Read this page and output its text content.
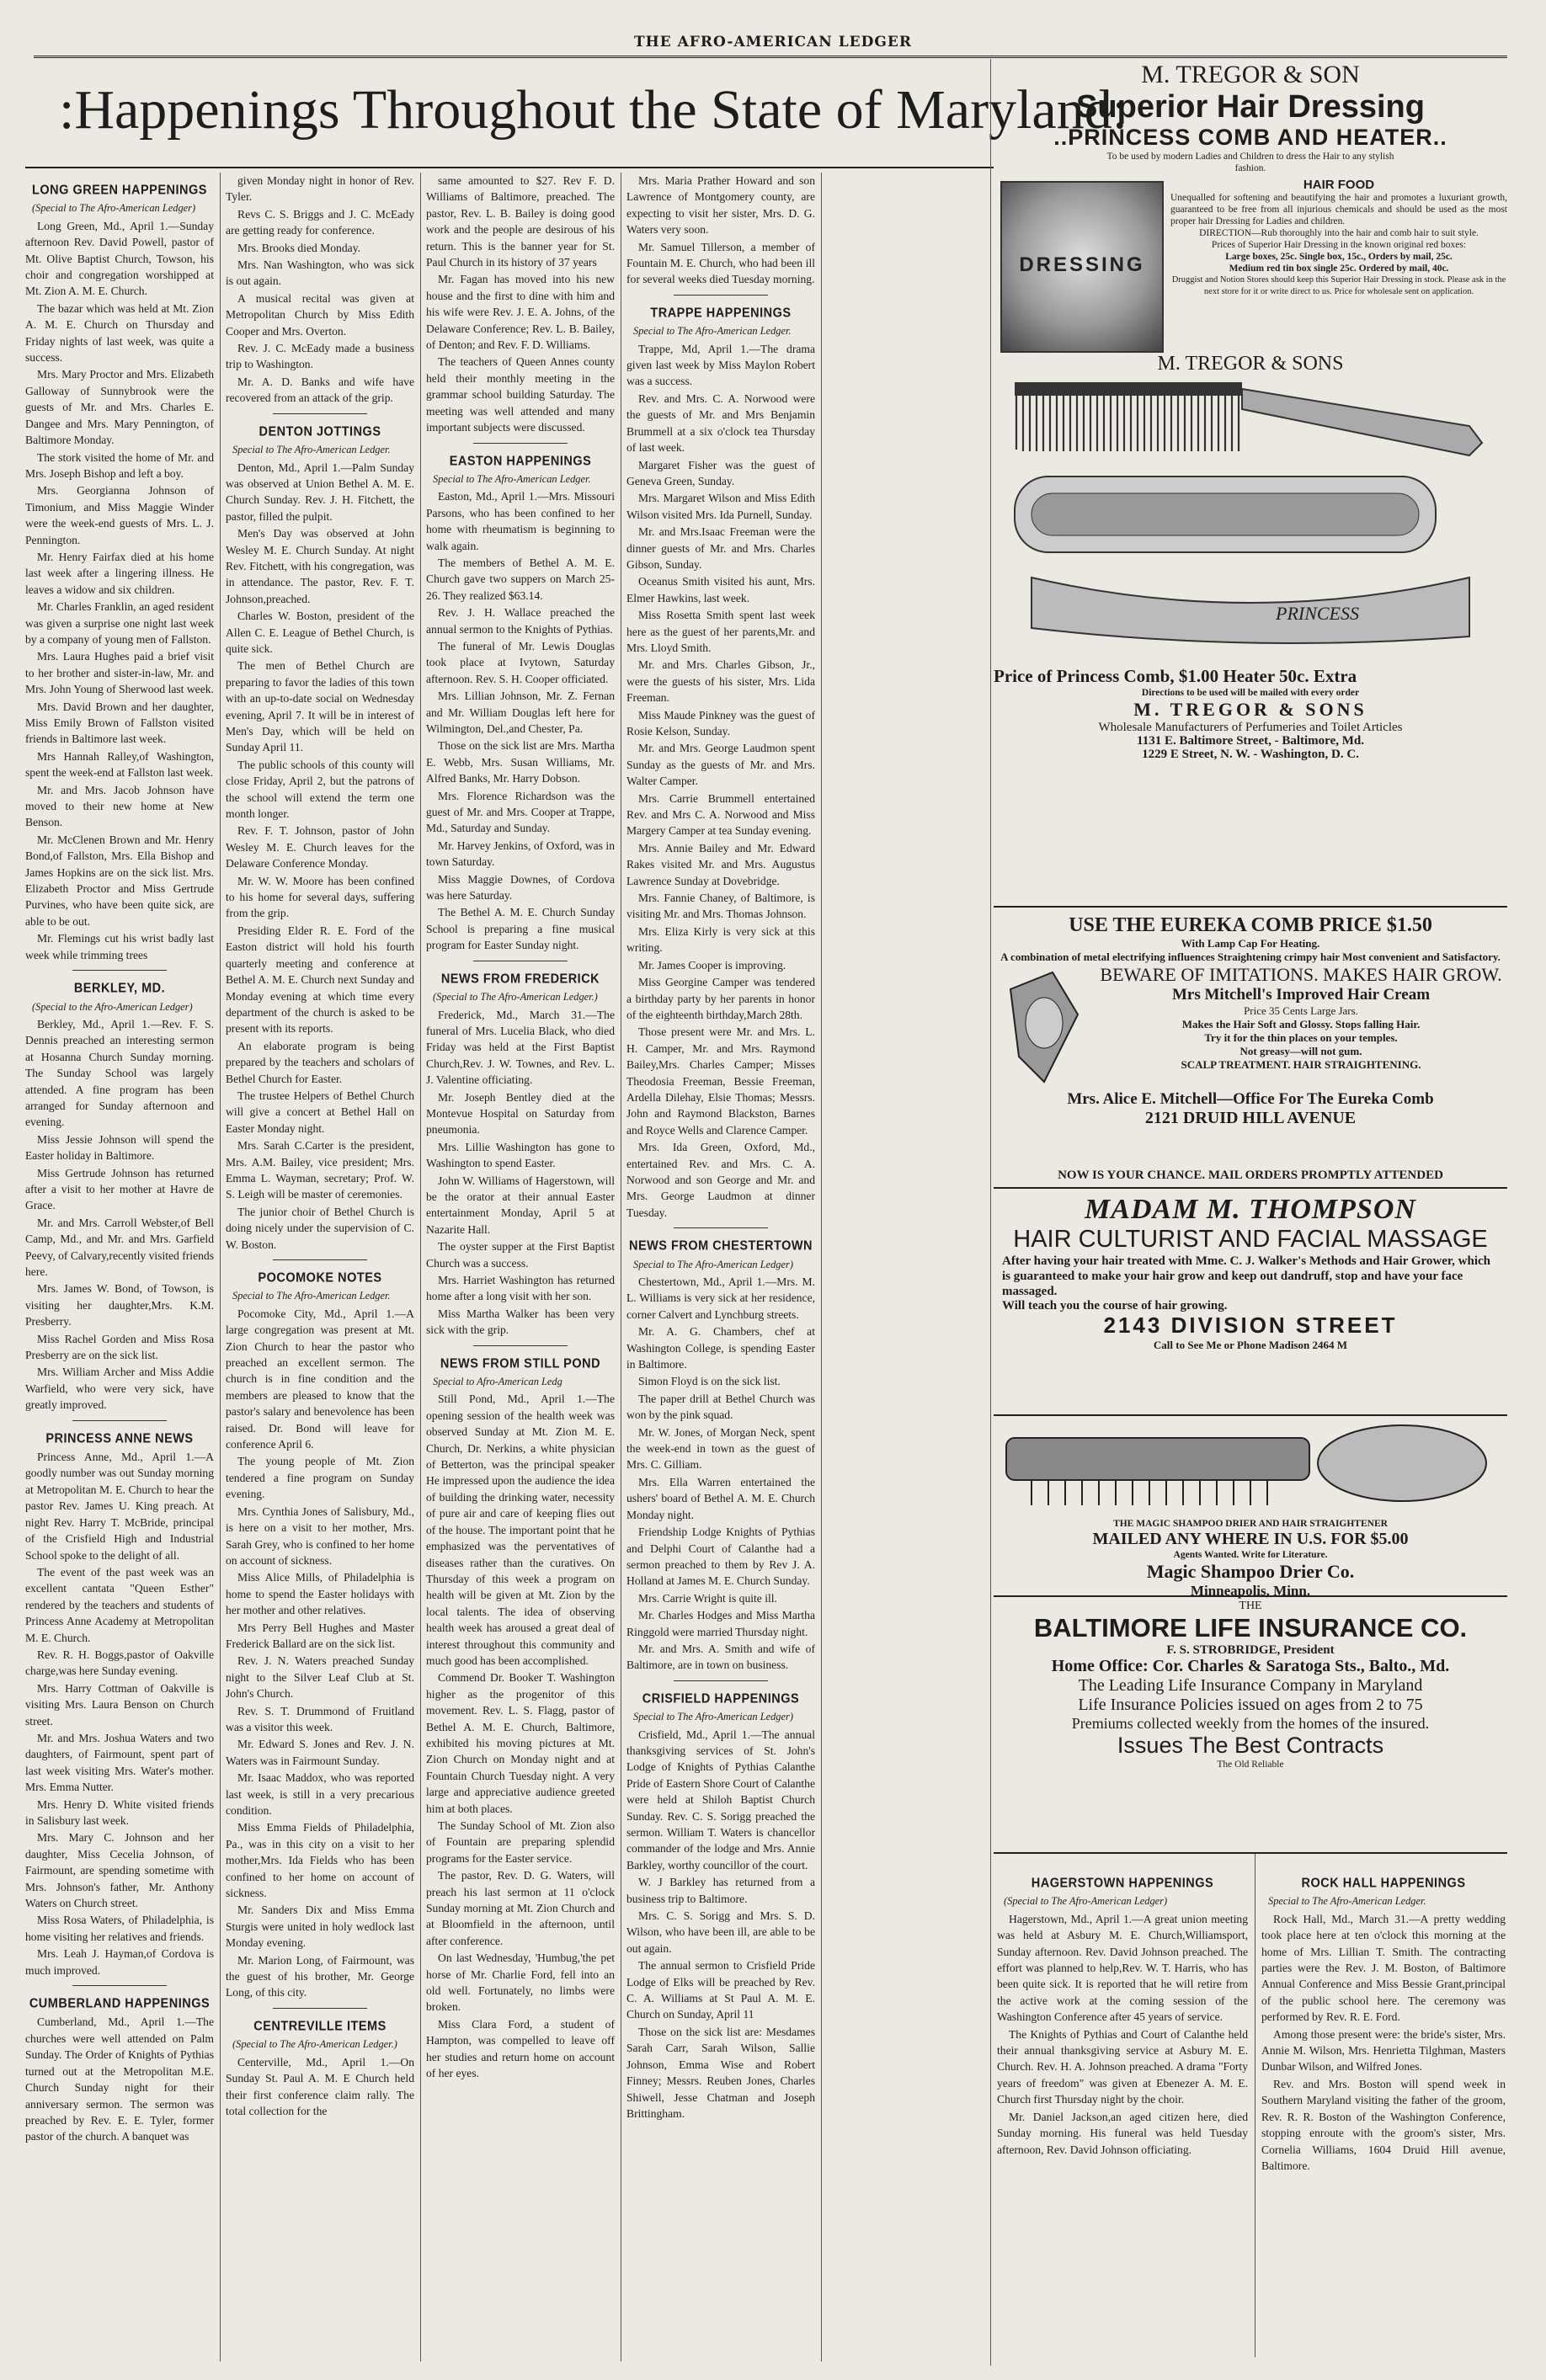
THE AFRO-AMERICAN LEDGER
:Happenings Throughout the State of Maryland:
LONG GREEN HAPPENINGS

(Special to The Afro-American Ledger)

Long Green, Md., April 1.—Sunday afternoon Rev. David Powell, pastor of Mt. Olive Baptist Church, Towson, his choir and congregation worshipped at Mt. Zion A. M. E. Church.

The bazar which was held at Mt. Zion A. M. E. Church on Thursday and Friday nights of last week, was quite a success.

Mrs. Mary Proctor and Mrs. Elizabeth Galloway of Sunnybrook were the guests of Mr. and Mrs. Charles E. Dangee and Mrs. Mary Pennington, of Baltimore Monday.

The stork visited the home of Mr. and Mrs. Joseph Bishop and left a boy.

Mrs. Georgianna Johnson of Timonium, and Miss Maggie Winder were the week-end guests of Mrs. L. J. Pennington.

Mr. Henry Fairfax died at his home last week after a lingering illness. He leaves a widow and six children.

Mr. Charles Franklin, an aged resident was given a surprise one night last week by a company of young men of Fallston.

Mrs. Laura Hughes paid a brief visit to her brother and sister-in-law, Mr. and Mrs. John Young of Sherwood last week.

Mrs. David Brown and her daughter, Miss Emily Brown of Fallston visited friends in Baltimore last week.

Mrs Hannah Ralley,of Washington, spent the week-end at Fallston last week.

Mr. and Mrs. Jacob Johnson have moved to their new home at New Benson.

Mr. McClenen Brown and Mr. Henry Bond,of Fallston, Mrs. Ella Bishop and James Hopkins are on the sick list. Mrs. Elizabeth Proctor and Miss Gertrude Purvines, who have been quite sick, are able to be out.

Mr. Flemings cut his wrist badly last week while trimming trees

BERKLEY, MD.

(Special to the Afro-American Ledger)

Berkley, Md., April 1.—Rev. F. S. Dennis preached an interesting sermon at Hosanna Church Sunday morning. The Sunday School was largely attended. A fine program has been arranged for Sunday afternoon and evening.

Miss Jessie Johnson will spend the Easter holiday in Baltimore.

Miss Gertrude Johnson has returned after a visit to her mother at Havre de Grace.

Mr. and Mrs. Carroll Webster,of Bell Camp, Md., and Mr. and Mrs. Garfield Peevy, of Calvary,recently visited friends here.

Mrs. James W. Bond, of Towson, is visiting her daughter,Mrs. K.M. Presberry.

Miss Rachel Gorden and Miss Rosa Presberry are on the sick list.

Mrs. William Archer and Miss Addie Warfield, who were very sick, have greatly improved.

PRINCESS ANNE NEWS

Princess Anne, Md., April 1.—A goodly number was out Sunday morning at Metropolitan M. E. Church to hear the pastor Rev. James U. King preach. At night Rev. Harry T. McBride, principal of the Crisfield High and Industrial School spoke to the delight of all.

The event of the past week was an excellent cantata "Queen Esther" rendered by the teachers and students of Princess Anne Academy at Metropolitan M. E. Church.

Rev. R. H. Boggs,pastor of Oakville charge,was here Sunday evening.

Mrs. Harry Cottman of Oakville is visiting Mrs. Laura Benson on Church street.

Mr. and Mrs. Joshua Waters and two daughters, of Fairmount, spent part of last week visiting Mrs. Water's mother. Mrs. Emma Nutter.

Mrs. Henry D. White visited friends in Salisbury last week.

Mrs. Mary C. Johnson and her daughter, Miss Cecelia Johnson, of Fairmount, are spending sometime with Mrs. Johnson's father, Mr. Anthony Waters on Church street.

Miss Rosa Waters, of Philadelphia, is home visiting her relatives and friends.

Mrs. Leah J. Hayman,of Cordova is much improved.

CUMBERLAND HAPPENINGS

Cumberland, Md., April 1.—The churches were well attended on Palm Sunday. The Order of Knights of Pythias turned out at the Metropolitan M.E. Church Sunday night for their anniversary sermon. The sermon was preached by Rev. E. E. Tyler, former pastor of the church. A banquet was

given Monday night in honor of Rev. Tyler.

Revs C. S. Briggs and J. C. McEady are getting ready for conference.

Mrs. Brooks died Monday.

Mrs. Nan Washington, who was sick is out again.

A musical recital was given at Metropolitan Church by Miss Edith Cooper and Mrs. Overton.

Rev. J. C. McEady made a business trip to Washington.

Mr. A. D. Banks and wife have recovered from an attack of the grip.

DENTON JOTTINGS

Special to The Afro-American Ledger.

Denton, Md., April 1.—Palm Sunday was observed at Union Bethel A. M. E. Church Sunday. Rev. J. H. Fitchett, the pastor, filled the pulpit.

Men's Day was observed at John Wesley M. E. Church Sunday. At night Rev. Fitchett, with his congregation, was in attendance. The pastor, Rev. F. T. Johnson,preached.

Charles W. Boston, president of the Allen C. E. League of Bethel Church, is quite sick.

The men of Bethel Church are preparing to favor the ladies of this town with an up-to-date social on Wednesday evening, April 7. It will be in interest of Men's Day, which will be held on Sunday April 11.

The public schools of this county will close Friday, April 2, but the patrons of the school will extend the term one month longer.

Rev. F. T. Johnson, pastor of John Wesley M. E. Church leaves for the Delaware Conference Monday.

Mr. W. W. Moore has been confined to his home for several days, suffering from the grip.

Presiding Elder R. E. Ford of the Easton district will hold his fourth quarterly meeting and conference at Bethel A. M. E. Church next Sunday and Monday evening at which time every department of the church is asked to be present with its reports.

An elaborate program is being prepared by the teachers and scholars of Bethel Church for Easter.

The trustee Helpers of Bethel Church will give a concert at Bethel Hall on Easter Monday night.

Mrs. Sarah C.Carter is the president, Mrs. A.M. Bailey, vice president; Mrs. Emma L. Wayman, secretary; Prof. W. S. Leigh will be master of ceremonies.

The junior choir of Bethel Church is doing nicely under the supervision of C. W. Boston.

POCOMOKE NOTES

Special to The Afro-American Ledger.

Pocomoke City, Md., April 1.—A large congregation was present at Mt. Zion Church to hear the pastor who preached an excellent sermon. The church is in fine condition and the members are pleased to know that the pastor's salary and benevolence has been raised. Dr. Bond will leave for conference April 6.

The young people of Mt. Zion tendered a fine program on Sunday evening.

Mrs. Cynthia Jones of Salisbury, Md., is here on a visit to her mother, Mrs. Sarah Grey, who is confined to her home on account of sickness.

Miss Alice Mills, of Philadelphia is home to spend the Easter holidays with her mother and other relatives.

Mrs Perry Bell Hughes and Master Frederick Ballard are on the sick list.

Rev. J. N. Waters preached Sunday night to the Silver Leaf Club at St. John's Church.

Rev. S. T. Drummond of Fruitland was a visitor this week.

Mr. Edward S. Jones and Rev. J. N. Waters was in Fairmount Sunday.

Mr. Isaac Maddox, who was reported last week, is still in a very precarious condition.

Miss Emma Fields of Philadelphia, Pa., was in this city on a visit to her mother,Mrs. Ida Fields who has been confined to her home on account of sickness.

Mr. Sanders Dix and Miss Emma Sturgis were united in holy wedlock last Monday evening.

Mr. Marion Long, of Fairmount, was the guest of his brother, Mr. George Long, of this city.

CENTREVILLE ITEMS

(Special to The Afro-American Ledger.)

Centerville, Md., April 1.—On Sunday St. Paul A. M. E Church held their first conference claim rally. The total collection for the

same amounted to $27. Rev F. D. Williams of Baltimore, preached. The pastor, Rev. L. B. Bailey is doing good work and the people are desirous of his return. This is the banner year for St. Paul Church in its history of 37 years

Mr. Fagan has moved into his new house and the first to dine with him and his wife were Rev. J. E. A. Johns, of the Delaware Conference; Rev. L. B. Bailey, of Denton; and Rev. F. D. Williams.

The teachers of Queen Annes county held their monthly meeting in the grammar school building Saturday. The meeting was well attended and many important subjects were discussed.

EASTON HAPPENINGS

Special to The Afro-American Ledger.

Easton, Md., April 1.—Mrs. Missouri Parsons, who has been confined to her home with rheumatism is beginning to walk again.

The members of Bethel A. M. E. Church gave two suppers on March 25-26. They realized $63.14.

Rev. J. H. Wallace preached the annual sermon to the Knights of Pythias.

The funeral of Mr. Lewis Douglas took place at Ivytown, Saturday afternoon. Rev. S. H. Cooper officiated.

Mrs. Lillian Johnson, Mr. Z. Fernan and Mr. William Douglas left here for Wilmington, Del.,and Chester, Pa.

Those on the sick list are Mrs. Martha E. Webb, Mrs. Susan Williams, Mr. Alfred Banks, Mr. Harry Dobson.

Mrs. Florence Richardson was the guest of Mr. and Mrs. Cooper at Trappe, Md., Saturday and Sunday.

Mr. Harvey Jenkins, of Oxford, was in town Saturday.

Miss Maggie Downes, of Cordova was here Saturday.

The Bethel A. M. E. Church Sunday School is preparing a fine musical program for Easter Sunday night.

NEWS FROM FREDERICK

(Special to The Afro-American Ledger.)

Frederick, Md., March 31.—The funeral of Mrs. Lucelia Black, who died Friday was held at the First Baptist Church,Rev. J. W. Townes, and Rev. L. J. Valentine officiating.

Mr. Joseph Bentley died at the Montevue Hospital on Saturday from pneumonia.

Mrs. Lillie Washington has gone to Washington to spend Easter.

John W. Williams of Hagerstown, will be the orator at their annual Easter entertainment Monday, April 5 at Nazarite Hall.

The oyster supper at the First Baptist Church was a success.

Mrs. Harriet Washington has returned home after a long visit with her son.

Miss Martha Walker has been very sick with the grip.

NEWS FROM STILL POND

Special to Afro-American Ledg

Still Pond, Md., April 1.—The opening session of the health week was observed Sunday at Mt. Zion M. E. Church, Dr. Nerkins, a white physician of Betterton, was the principal speaker He impressed upon the audience the idea of building the drinking water, necessity of pure air and care of keeping flies out of the house. The important point that he emphasized was the perventatives of diseases rather than the curatives. On Thursday of this week a program on health will be given at Mt. Zion by the local talents. The idea of observing health week has aroused a great deal of interest throughout this community and much good has been accomplished.

Commend Dr. Booker T. Washington higher as the progenitor of this movement. Rev. L. S. Flagg, pastor of Bethel A. M. E. Church, Baltimore, exhibited his moving pictures at Mt. Zion Church on Monday night and at Fountain Church Tuesday night. A very large and appreciative audience greeted him at both places.

The Sunday School of Mt. Zion also of Fountain are preparing splendid programs for the Easter service.

The pastor, Rev. D. G. Waters, will preach his last sermon at 11 o'clock Sunday morning at Mt. Zion Church and at Bloomfield in the afternoon, until after conference.

On last Wednesday, 'Humbug,'the pet horse of Mr. Charlie Ford, fell into an old well. Fortunately, no limbs were broken.

Miss Clara Ford, a student of Hampton, was compelled to leave off her studies and return home on account of her eyes.

Mrs. Maria Prather Howard and son Lawrence of Montgomery county, are expecting to visit her sister, Mrs. D. G. Waters very soon.

Mr. Samuel Tillerson, a member of Fountain M. E. Church, who had been ill for several weeks died Tuesday morning.

TRAPPE HAPPENINGS

Special to The Afro-American Ledger.

Trappe, Md, April 1.—The drama given last week by Miss Maylon Robert was a success.

Rev. and Mrs. C. A. Norwood were the guests of Mr. and Mrs Benjamin Brummell at a six o'clock tea Thursday of last week.

Margaret Fisher was the guest of Geneva Green, Sunday.

Mrs. Margaret Wilson and Miss Edith Wilson visited Mrs. Ida Purnell, Sunday.

Mr. and Mrs.Isaac Freeman were the dinner guests of Mr. and Mrs. Charles Gibson, Sunday.

Oceanus Smith visited his aunt, Mrs. Elmer Hawkins, last week.

Miss Rosetta Smith spent last week here as the guest of her parents,Mr. and Mrs. Lloyd Smith.

Mr. and Mrs. Charles Gibson, Jr., were the guests of his sister, Mrs. Lida Freeman.

Miss Maude Pinkney was the guest of Rosie Kelson, Sunday.

Mr. and Mrs. George Laudmon spent Sunday as the guests of Mr. and Mrs. Walter Camper.

Mrs. Carrie Brummell entertained Rev. and Mrs C. A. Norwood and Miss Margery Camper at tea Sunday evening.

Mrs. Annie Bailey and Mr. Edward Rakes visited Mr. and Mrs. Augustus Lawrence Sunday at Dovebridge.

Mrs. Fannie Chaney, of Baltimore, is visiting Mr. and Mrs. Thomas Johnson.

Mrs. Eliza Kirly is very sick at this writing.

Mr. James Cooper is improving.

Miss Georgine Camper was tendered a birthday party by her parents in honor of the eighteenth birthday,March 28th.

Those present were Mr. and Mrs. L. H. Camper, Mr. and Mrs. Raymond Bailey,Mrs. Charles Camper; Misses Theodosia Freeman, Bessie Freeman, Ardella Dilehay, Elsie Thomas; Messrs. John and Raymond Blackston, Barnes and Royce Wells and Clarence Camper.

Mrs. Ida Green, Oxford, Md., entertained Rev. and Mrs. C. A. Norwood and son George and Mr. and Mrs. George Laudmon at dinner Tuesday.

NEWS FROM CHESTERTOWN

Special to The Afro-American Ledger)

Chestertown, Md., April 1.—Mrs. M. L. Williams is very sick at her residence, corner Calvert and Lynchburg streets.

Mr. A. G. Chambers, chef at Washington College, is spending Easter in Baltimore.

Simon Floyd is on the sick list.

The paper drill at Bethel Church was won by the pink squad.

Mr. W. Jones, of Morgan Neck, spent the week-end in town as the guest of Mrs. C. Gilliam.

Mrs. Ella Warren entertained the ushers' board of Bethel A. M. E. Church Monday night.

Friendship Lodge Knights of Pythias and Delphi Court of Calanthe had a sermon preached to them by Rev J. A. Holland at James M. E. Church Sunday.

Mrs. Carrie Wright is quite ill.

Mr. Charles Hodges and Miss Martha Ringgold were married Thursday night.

Mr. and Mrs. A. Smith and wife of Baltimore, are in town on business.

CRISFIELD HAPPENINGS

Special to The Afro-American Ledger)

Crisfield, Md., April 1.—The annual thanksgiving services of St. John's Lodge of Knights of Pythias Calanthe Pride of Eastern Shore Court of Calanthe were held at Shiloh Baptist Church Sunday. Rev. C. S. Sorigg preached the sermon. William T. Waters is chancellor commander of the lodge and Mrs. Annie Barkley, worthy councillor of the court.

W. J Barkley has returned from a business trip to Baltimore.

Mrs. C. S. Sorigg and Mrs. S. D. Wilson, who have been ill, are able to be out again.

The annual sermon to Crisfield Pride Lodge of Elks will be preached by Rev. C. A. Williams at St Paul A. M. E. Church on Sunday, April 11

Those on the sick list are: Mesdames Sarah Carr, Sarah Wilson, Sallie Johnson, Emma Wise and Robert Finney; Messrs. Reuben Jones, Charles Shiwell, Jesse Chatman and Joseph Brittingham.

HAGERSTOWN HAPPENINGS

(Special to The Afro-American Ledger)

Hagerstown, Md., April 1.—A great union meeting was held at Asbury M. E. Church,Williamsport, Sunday afternoon. Rev. David Johnson preached. The effort was planned to help,Rev. W. T. Harris, who has been quite sick. It is reported that he will retire from the active work at the coming session of the Washington Conference after 45 years of service.

The Knights of Pythias and Court of Calanthe held their annual thanksgiving service at Asbury M. E. Church. Rev. H. A. Johnson preached. A drama "Forty years of freedom" was given at Ebenezer A. M. E. Church first Thursday night by the choir.

Mr. Daniel Jackson,an aged citizen here, died Sunday morning. His funeral was held Tuesday afternoon, Rev. David Johnson officiating.

ROCK HALL HAPPENINGS

Special to The Afro-American Ledger.

Rock Hall, Md., March 31.—A pretty wedding took place here at ten o'clock this morning at the home of Mrs. Lillian T. Smith. The contracting parties were the Rev. J. M. Boston, of Baltimore Annual Conference and Miss Bessie Grant,principal of the public school here. The ceremony was performed by Rev. R. E. Ford.

Among those present were: the bride's sister, Mrs. Annie M. Wilson, Mrs. Henrietta Tilghman, Masters Dunbar Wilson, and Wilfred Jones.

Rev. and Mrs. Boston will spend week in Southern Maryland visiting the father of the groom, Rev. R. R. Boston of the Washington Conference, stopping enroute with the groom's sister, Mrs. Cornelia Williams, 1604 Druid Hill avenue, Baltimore.

M. TREGOR & SON
Superior Hair Dressing
..PRINCESS COMB AND HEATER..
To be used by modern Ladies and Children to dress the Hair to any stylish fashion.
DRESSING
HAIR FOOD
Unequalled for softening and beautifying the hair and promotes a luxuriant growth, guaranteed to be free from all injurious chemicals and should be used as the most proper hair Dressing for Ladies and children.
DIRECTION—Rub thoroughly into the hair and comb hair to suit style.
Prices of Superior Hair Dressing in the known original red boxes:
Large boxes, 25c. Single box, 15c., Orders by mail, 25c.
Medium red tin box single 25c. Ordered by mail, 40c.
Druggist and Notion Stores should keep this Superior Hair Dressing in stock. Please ask in the next store for it or write direct to us. Price for wholesale sent on application.
M. TREGOR & SONS
PRINCESS
Price of Princess Comb, $1.00 Heater 50c. Extra
Directions to be used will be mailed with every order
M. TREGOR & SONS
Wholesale Manufacturers of Perfumeries and Toilet Articles
1131 E. Baltimore Street, - Baltimore, Md.
1229 E Street, N. W. - Washington, D. C.
USE THE EUREKA COMB PRICE $1.50
With Lamp Cap For Heating.
A combination of metal electrifying influences Straightening crimpy hair Most convenient and Satisfactory.
BEWARE OF IMITATIONS. MAKES HAIR GROW.
Mrs Mitchell's Improved Hair Cream
Price 35 Cents Large Jars.
Makes the Hair Soft and Glossy. Stops falling Hair.
Try it for the thin places on your temples.
Not greasy—will not gum.
SCALP TREATMENT. HAIR STRAIGHTENING.
Mrs. Alice E. Mitchell—Office For The Eureka Comb
2121 DRUID HILL AVENUE
NOW IS YOUR CHANCE. MAIL ORDERS PROMPTLY ATTENDED
MADAM M. THOMPSON
HAIR CULTURIST AND FACIAL MASSAGE
After having your hair treated with Mme. C. J. Walker's Methods and Hair Grower, which is guaranteed to make your hair grow and keep out dandruff, stop and have your face massaged.
Will teach you the course of hair growing.
2143 DIVISION STREET
Call to See Me or Phone Madison 2464 M
THE MAGIC SHAMPOO DRIER AND HAIR STRAIGHTENER
MAILED ANY WHERE IN U.S. FOR $5.00
Agents Wanted. Write for Literature.
Magic Shampoo Drier Co.
Minneapolis, Minn.
THE
BALTIMORE LIFE INSURANCE CO.
F. S. STROBRIDGE, President
Home Office: Cor. Charles & Saratoga Sts., Balto., Md.
The Leading Life Insurance Company in Maryland
Life Insurance Policies issued on ages from 2 to 75
Premiums collected weekly from the homes of the insured.
Issues The Best Contracts
The Old Reliable
